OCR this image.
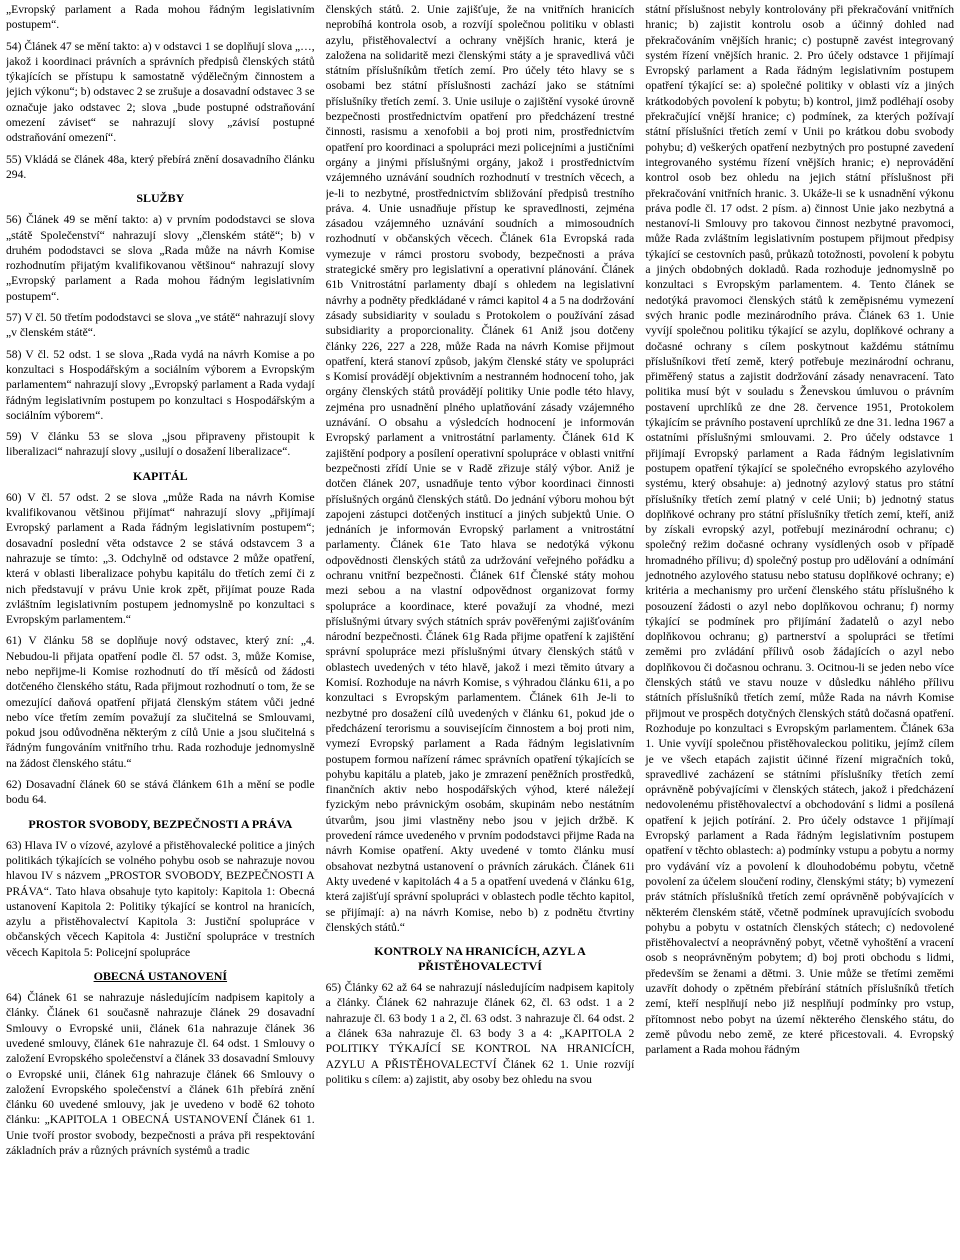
„Evropský parlament a Rada mohou řádným legislativním postupem“.

54) Článek 47 se mění takto: a) v odstavci 1 se doplňují slova „…, jakož i koordinaci právních a správních předpisů členských států týkajících se přístupu k samostatně výdělečným činnostem a jejich výkonu“; b) odstavec 2 se zrušuje a dosavadní odstavec 3 se označuje jako odstavec 2; slova „bude postupné odstraňování omezení záviset“ se nahrazují slovy „závisí postupné odstraňování omezení“.

55) Vkládá se článek 48a, který přebírá znění dosavadního článku 294.

SLUŽBY

56) Článek 49 se mění takto: a) v prvním pododstavci se slova „státě Společenství“ nahrazují slovy „členském státě“; b) v druhém pododstavci se slova „Rada může na návrh Komise rozhodnutím přijatým kvalifikovanou většinou“ nahrazují slovy „Evropský parlament a Rada mohou řádným legislativním postupem“.

57) V čl. 50 třetím pododstavci se slova „ve státě“ nahrazují slovy „v členském státě“.

58) V čl. 52 odst. 1 se slova „Rada vydá na návrh Komise a po konzultaci s Hospodářským a sociálním výborem a Evropským parlamentem“ nahrazují slovy „Evropský parlament a Rada vydají řádným legislativním postupem po konzultaci s Hospodářským a sociálním výborem“.

59) V článku 53 se slova „jsou připraveny přistoupit k liberalizaci“ nahrazují slovy „usilují o dosažení liberalizace“.

KAPITÁL

60) V čl. 57 odst. 2 se slova „může Rada na návrh Komise kvalifikovanou většinou přijímat“ nahrazují slovy „přijímají Evropský parlament a Rada řádným legislativním postupem“; dosavadní poslední věta odstavce 2 se stává odstavcem 3 a nahrazuje se tímto: „3. Odchylně od odstavce 2 může opatření, která v oblasti liberalizace pohybu kapitálu do třetích zemí či z nich představují v právu Unie krok zpět, přijímat pouze Rada zvláštním legislativním postupem jednomyslně po konzultaci s Evropským parlamentem.“

61) V článku 58 se doplňuje nový odstavec, který zní: „4. Nebudou-li přijata opatření podle čl. 57 odst. 3, může Komise, nebo nepřijme-li Komise rozhodnutí do tří měsíců od žádosti dotčeného členského státu, Rada přijmout rozhodnutí o tom, že se omezující daňová opatření přijatá členským státem vůči jedné nebo více třetím zemím považují za slučitelná se Smlouvami, pokud jsou odůvodněna některým z cílů Unie a jsou slučitelná s řádným fungováním vnitřního trhu. Rada rozhoduje jednomyslně na žádost členského státu.“

62) Dosavadní článek 60 se stává článkem 61h a mění se podle bodu 64.

PROSTOR SVOBODY, BEZPEČNOSTI A PRÁVA

63) Hlava IV o vízové, azylové a přistěhovalecké politice a jiných politikách týkajících se volného pohybu osob se nahrazuje novou hlavou IV s názvem „PROSTOR SVOBODY, BEZPEČNOSTI A PRÁVA“. Tato hlava obsahuje tyto kapitoly: Kapitola 1: Obecná ustanovení Kapitola 2: Politiky týkající se kontrol na hranicích, azylu a přistěhovalectví Kapitola 3: Justiční spolupráce v občanských věcech Kapitola 4: Justiční spolupráce v trestních věcech Kapitola 5: Policejní spolupráce

OBECNÁ USTANOVENÍ

64) Článek 61 se nahrazuje následujícím nadpisem kapitoly a články. Článek 61 současně nahrazuje článek 29 dosavadní Smlouvy o Evropské unii, článek 61a nahrazuje článek 36 uvedené smlouvy, článek 61e nahrazuje čl. 64 odst. 1 Smlouvy o založení Evropského společenství a článek 33 dosavadní Smlouvy o Evropské unii, článek 61g nahrazuje článek 66 Smlouvy o založení Evropského společenství a článek 61h přebírá znění článku 60 uvedené smlouvy, jak je uvedeno v bodě 62 tohoto článku: „KAPITOLA 1 OBECNÁ USTANOVENÍ Článek 61 1. Unie tvoří prostor svobody, bezpečnosti a práva při respektování základních práv a různých právních systémů a tradic

členských států. 2. Unie zajišťuje, že na vnitřních hranicích neprobíhá kontrola osob, a rozvíjí společnou politiku v oblasti azylu, přistěhovalectví a ochrany vnějších hranic, která je založena na solidaritě mezi členskými státy a je spravedlivá vůči státním příslušníkům třetích zemí. Pro účely této hlavy se s osobami bez státní příslušnosti zachází jako se státními příslušníky třetích zemí. 3. Unie usiluje o zajištění vysoké úrovně bezpečnosti prostřednictvím opatření pro předcházení trestné činnosti, rasismu a xenofobii a boj proti nim, prostřednictvím opatření pro koordinaci a spolupráci mezi policejními a justičními orgány a jinými příslušnými orgány, jakož i prostřednictvím vzájemného uznávání soudních rozhodnutí v trestních věcech, a je-li to nezbytné, prostřednictvím sbližování předpisů trestního práva. 4. Unie usnadňuje přístup ke spravedlnosti, zejména zásadou vzájemného uznávání soudních a mimosoudních rozhodnutí v občanských věcech. Článek 61a Evropská rada vymezuje v rámci prostoru svobody, bezpečnosti a práva strategické směry pro legislativní a operativní plánování. Článek 61b Vnitrostátní parlamenty dbají s ohledem na legislativní návrhy a podněty předkládané v rámci kapitol 4 a 5 na dodržování zásady subsidiarity v souladu s Protokolem o používání zásad subsidiarity a proporcionality. Článek 61 Aniž jsou dotčeny články 226, 227 a 228, může Rada na návrh Komise přijmout opatření, která stanoví způsob, jakým členské státy ve spolupráci s Komisí provádějí objektivním a nestranném hodnocení toho, jak orgány členských států provádějí politiky Unie podle této hlavy, zejména pro usnadnění plného uplatňování zásady vzájemného uznávání. O obsahu a výsledcích hodnocení je informován Evropský parlament a vnitrostátní parlamenty. Článek 61d K zajištění podpory a posílení operativní spolupráce v oblasti vnitřní bezpečnosti zřídí Unie se v Radě zřizuje stálý výbor. Aniž je dotčen článek 207, usnadňuje tento výbor koordinaci činnosti příslušných orgánů členských států. Do jednání výboru mohou být zapojeni zástupci dotčených institucí a jiných subjektů Unie. O jednáních je informován Evropský parlament a vnitrostátní parlamenty. Článek 61e Tato hlava se nedotýká výkonu odpovědnosti členských států za udržování veřejného pořádku a ochranu vnitřní bezpečnosti. Článek 61f Členské státy mohou mezi sebou a na vlastní odpovědnost organizovat formy spolupráce a koordinace, které považují za vhodné, mezi příslušnými útvary svých státních správ pověřenými zajišťováním národní bezpečnosti. Článek 61g Rada přijme opatření k zajištění správní spolupráce mezi příslušnými útvary členských států v oblastech uvedených v této hlavě, jakož i mezi těmito útvary a Komisí. Rozhoduje na návrh Komise, s výhradou článku 61i, a po konzultaci s Evropským parlamentem. Článek 61h Je-li to nezbytné pro dosažení cílů uvedených v článku 61, pokud jde o předcházení terorismu a souvisejícím činnostem a boj proti nim, vymezí Evropský parlament a Rada řádným legislativním postupem formou nařízení rámec správních opatření týkajících se pohybu kapitálu a plateb, jako je zmrazení peněžních prostředků, finančních aktiv nebo hospodářských výhod, které náležejí fyzickým nebo právnickým osobám, skupinám nebo nestátním útvarům, jsou jimi vlastněny nebo jsou v jejich držbě. K provedení rámce uvedeného v prvním pododstavci přijme Rada na návrh Komise opatření. Akty uvedené v tomto článku musí obsahovat nezbytná ustanovení o právních zárukách. Článek 61i Akty uvedené v kapitolách 4 a 5 a opatření uvedená v článku 61g, která zajišťují správní spolupráci v oblastech podle těchto kapitol, se přijímají: a) na návrh Komise, nebo b) z podnětu čtvrtiny členských států.“

KONTROLY NA HRANICÍCH, AZYL A
PŘISTĚHOVALECTVÍ

65) Články 62 až 64 se nahrazují následujícím nadpisem kapitoly a články. Článek 62 nahrazuje článek 62, čl. 63 odst. 1 a 2 nahrazuje čl. 63 body 1 a 2, čl. 63 odst. 3 nahrazuje čl. 64 odst. 2 a článek 63a nahrazuje čl. 63 body 3 a 4: „KAPITOLA 2 POLITIKY TÝKAJÍCÍ SE KONTROL NA HRANICÍCH, AZYLU A PŘISTĚHOVALECTVÍ Článek 62 1. Unie rozvíjí politiku s cílem: a) zajistit, aby osoby bez ohledu na svou

státní příslušnost nebyly kontrolovány při překračování vnitřních hranic; b) zajistit kontrolu osob a účinný dohled nad překračováním vnějších hranic; c) postupně zavést integrovaný systém řízení vnějších hranic. 2. Pro účely odstavce 1 přijímají Evropský parlament a Rada řádným legislativním postupem opatření týkající se: a) společné politiky v oblasti víz a jiných krátkodobých povolení k pobytu; b) kontrol, jimž podléhají osoby překračující vnější hranice; c) podmínek, za kterých požívají státní příslušníci třetích zemí v Unii po krátkou dobu svobody pohybu; d) veškerých opatření nezbytných pro postupné zavedení integrovaného systému řízení vnějších hranic; e) neprovádění kontrol osob bez ohledu na jejich státní příslušnost při překračování vnitřních hranic. 3. Ukáže-li se k usnadnění výkonu práva podle čl. 17 odst. 2 písm. a) činnost Unie jako nezbytná a nestanoví-li Smlouvy pro takovou činnost nezbytné pravomoci, může Rada zvláštním legislativním postupem přijmout předpisy týkající se cestovních pasů, průkazů totožnosti, povolení k pobytu a jiných obdobných dokladů. Rada rozhoduje jednomyslně po konzultaci s Evropským parlamentem. 4. Tento článek se nedotýká pravomoci členských států k zeměpisnému vymezení svých hranic podle mezinárodního práva. Článek 63 1. Unie vyvíjí společnou politiku týkající se azylu, doplňkové ochrany a dočasné ochrany s cílem poskytnout každému státnímu příslušníkovi třetí země, který potřebuje mezinárodní ochranu, přiměřený status a zajistit dodržování zásady nenavracení. Tato politika musí být v souladu s Ženevskou úmluvou o právním postavení uprchlíků ze dne 28. července 1951, Protokolem týkajícím se právního postavení uprchlíků ze dne 31. ledna 1967 a ostatními příslušnými smlouvami. 2. Pro účely odstavce 1 přijímají Evropský parlament a Rada řádným legislativním postupem opatření týkající se společného evropského azylového systému, který obsahuje: a) jednotný azylový status pro státní příslušníky třetích zemí platný v celé Unii; b) jednotný status doplňkové ochrany pro státní příslušníky třetích zemí, kteří, aniž by získali evropský azyl, potřebují mezinárodní ochranu; c) společný režim dočasné ochrany vysídlených osob v případě hromadného přílivu; d) společný postup pro udělování a odnímání jednotného azylového statusu nebo statusu doplňkové ochrany; e) kritéria a mechanismy pro určení členského státu příslušného k posouzení žádosti o azyl nebo doplňkovou ochranu; f) normy týkající se podmínek pro přijímání žadatelů o azyl nebo doplňkovou ochranu; g) partnerství a spolupráci se třetími zeměmi pro zvládání přílivů osob žádajících o azyl nebo doplňkovou či dočasnou ochranu. 3. Ocitnou-li se jeden nebo více členských států ve stavu nouze v důsledku náhlého přílivu státních příslušníků třetích zemí, může Rada na návrh Komise přijmout ve prospěch dotyčných členských států dočasná opatření. Rozhoduje po konzultaci s Evropským parlamentem. Článek 63a 1. Unie vyvíjí společnou přistěhovaleckou politiku, jejímž cílem je ve všech etapách zajistit účinné řízení migračních toků, spravedlivé zacházení se státními příslušníky třetích zemí oprávněně pobývajícími v členských státech, jakož i předcházení nedovolenému přistěhovalectví a obchodování s lidmi a posílená opatření k jejich potírání. 2. Pro účely odstavce 1 přijímají Evropský parlament a Rada řádným legislativním postupem opatření v těchto oblastech: a) podmínky vstupu a pobytu a normy pro vydávání víz a povolení k dlouhodobému pobytu, včetně povolení za účelem sloučení rodiny, členskými státy; b) vymezení práv státních příslušníků třetích zemí oprávněně pobývajících v některém členském státě, včetně podmínek upravujících svobodu pohybu a pobytu v ostatních členských státech; c) nedovolené přistěhovalectví a neoprávněný pobyt, včetně vyhoštění a vracení osob s neoprávněným pobytem; d) boj proti obchodu s lidmi, především se ženami a dětmi. 3. Unie může se třetími zeměmi uzavřít dohody o zpětném přebírání státních příslušníků třetích zemí, kteří nesplňují nebo již nesplňují podmínky pro vstup, přítomnost nebo pobyt na území některého členského státu, do země původu nebo země, ze které přicestovali. 4. Evropský parlament a Rada mohou řádným
